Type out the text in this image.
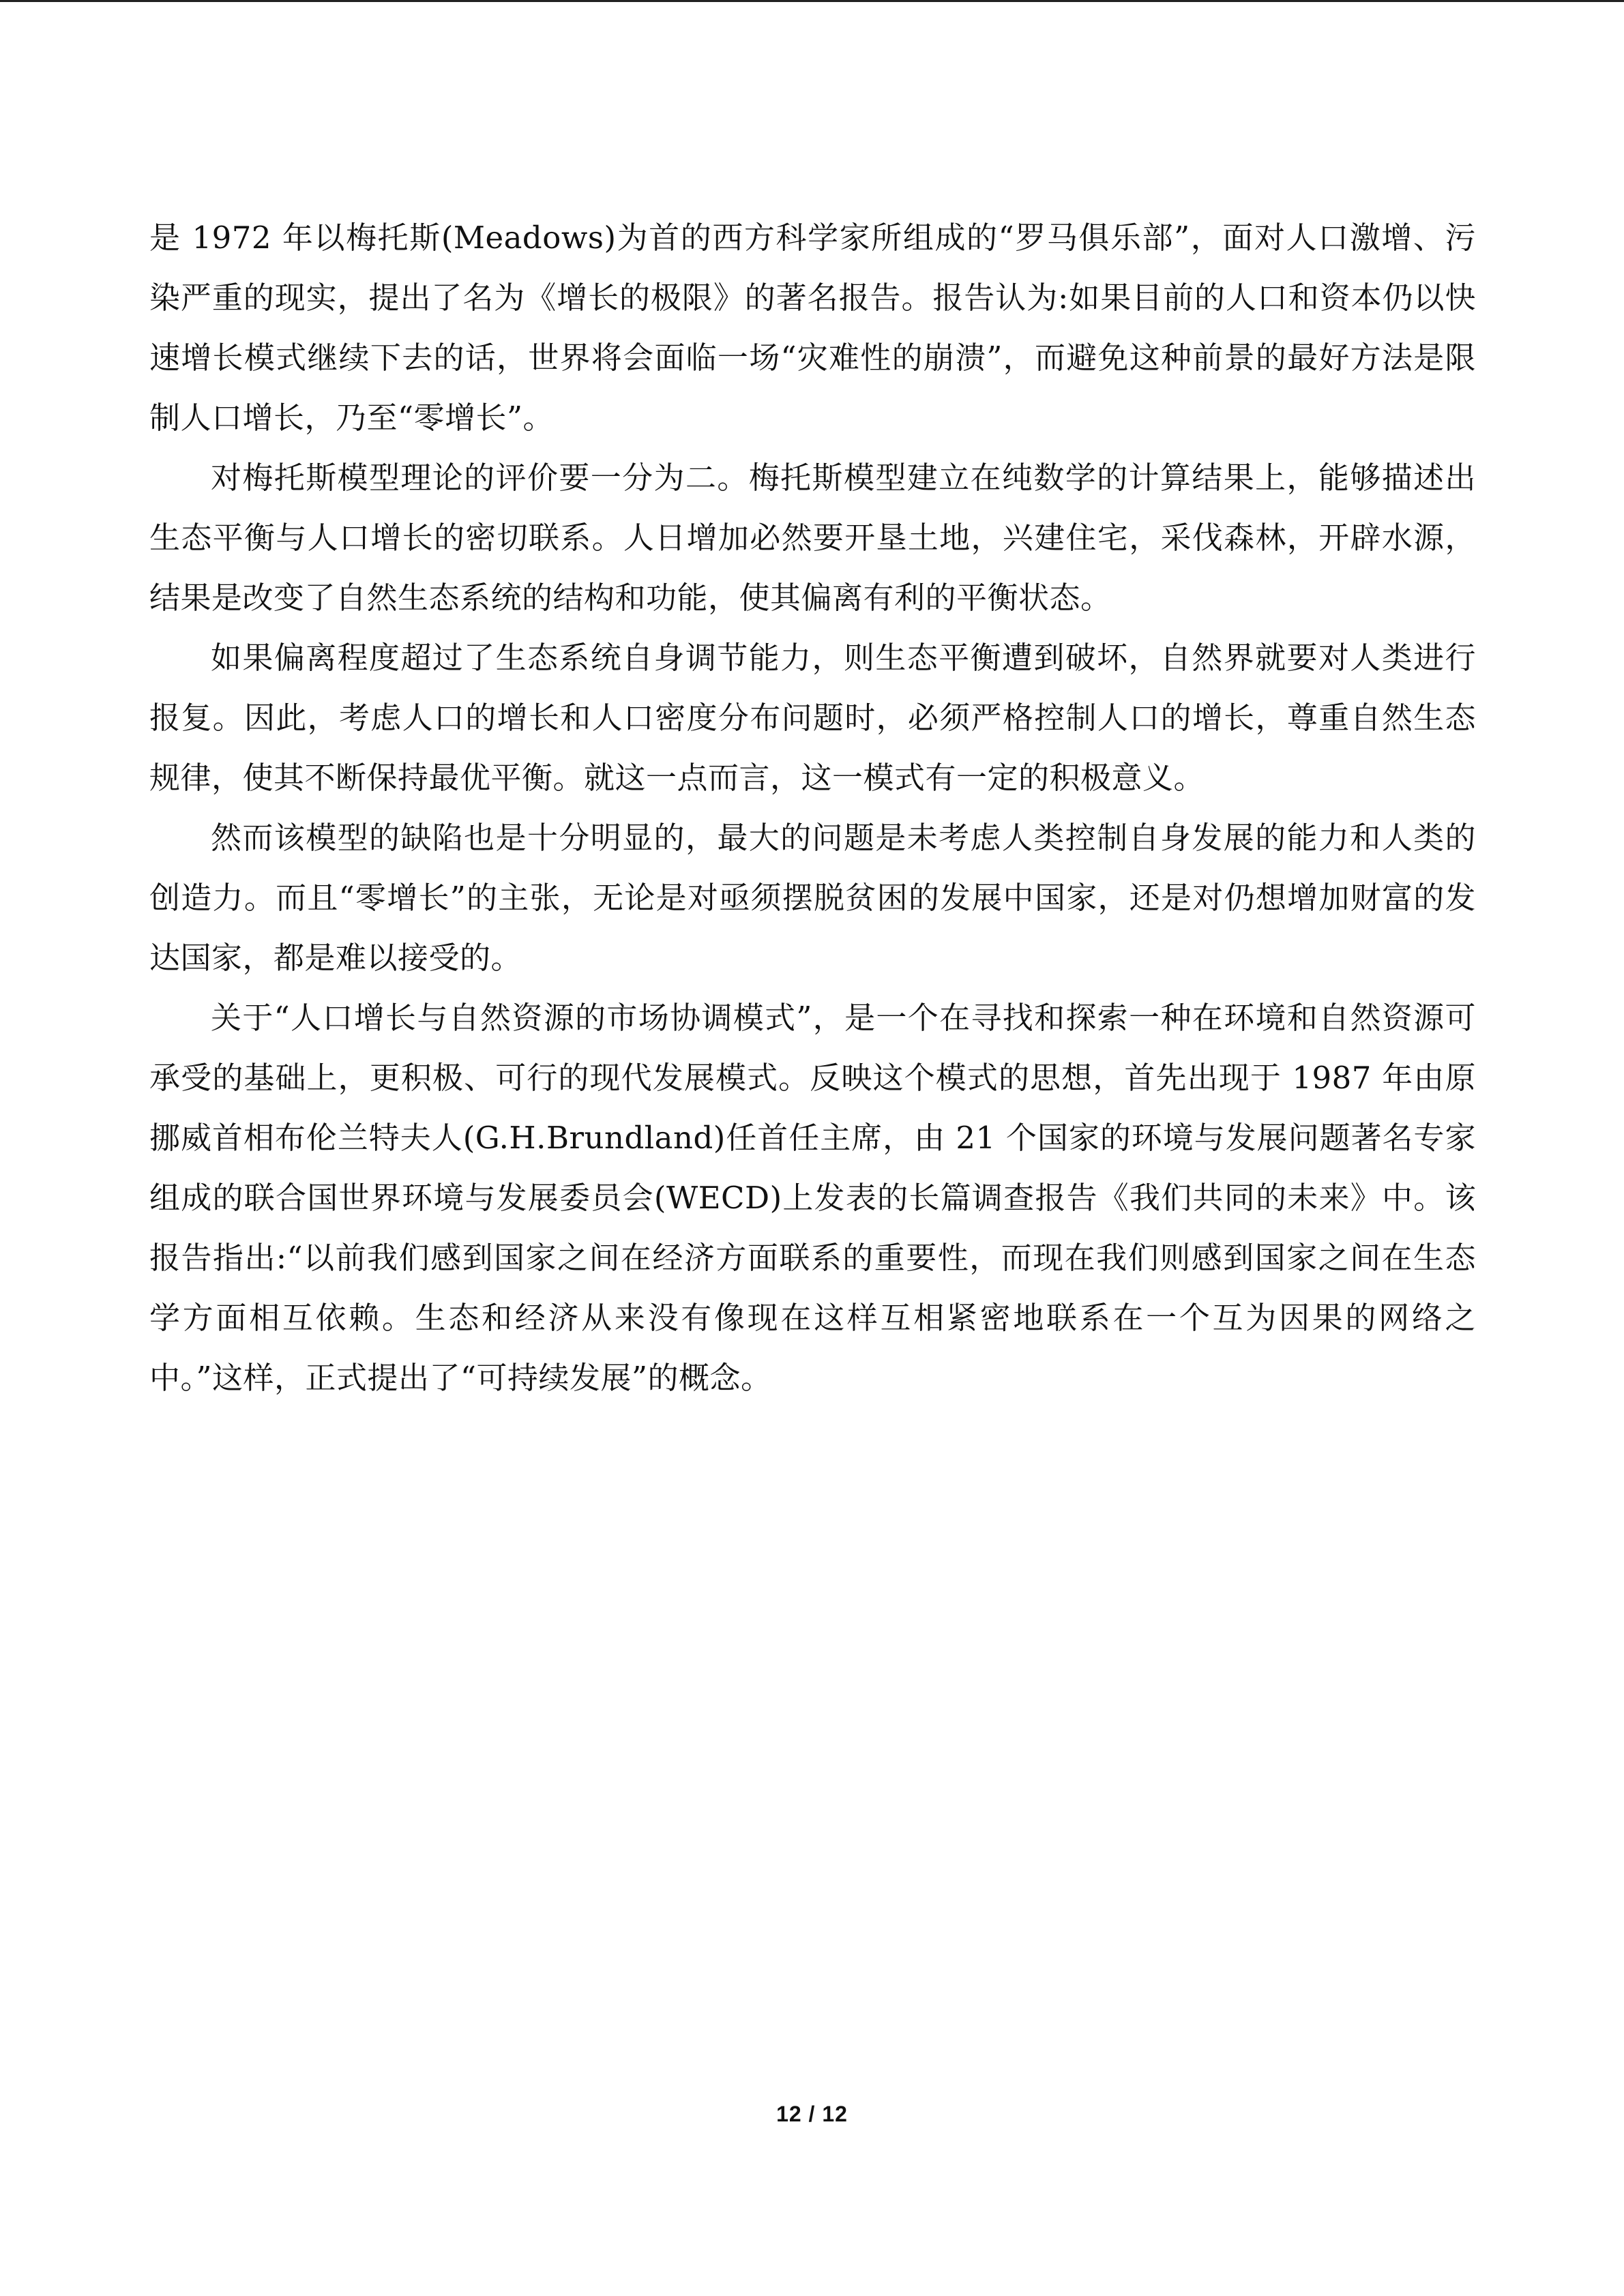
是 1972 年以梅托斯(Meadows)为首的西方科学家所组成的“罗马俱乐部”，面对人口激增、污染严重的现实，提出了名为《增长的极限》的著名报告。报告认为:如果目前的人口和资本仍以快速增长模式继续下去的话，世界将会面临一场“灾难性的崩溃”，而避免这种前景的最好方法是限制人口增长，乃至“零增长”。

对梅托斯模型理论的评价要一分为二。梅托斯模型建立在纯数学的计算结果上，能够描述出生态平衡与人口增长的密切联系。人日增加必然要开垦土地，兴建住宅，采伐森林，开辟水源，结果是改变了自然生态系统的结构和功能，使其偏离有利的平衡状态。

如果偏离程度超过了生态系统自身调节能力，则生态平衡遭到破坏，自然界就要对人类进行报复。因此，考虑人口的增长和人口密度分布问题时，必须严格控制人口的增长，尊重自然生态规律，使其不断保持最优平衡。就这一点而言，这一模式有一定的积极意义。

然而该模型的缺陷也是十分明显的，最大的问题是未考虑人类控制自身发展的能力和人类的创造力。而且“零增长”的主张，无论是对亟须摆脱贫困的发展中国家，还是对仍想增加财富的发达国家，都是难以接受的。

关于“人口增长与自然资源的市场协调模式”，是一个在寻找和探索一种在环境和自然资源可承受的基础上，更积极、可行的现代发展模式。反映这个模式的思想，首先出现于 1987 年由原挪威首相布伦兰特夫人(G.H.Brundland)任首任主席，由 21 个国家的环境与发展问题著名专家组成的联合国世界环境与发展委员会(WECD)上发表的长篇调查报告《我们共同的未来》中。该报告指出:“以前我们感到国家之间在经济方面联系的重要性，而现在我们则感到国家之间在生态学方面相互依赖。生态和经济从来没有像现在这样互相紧密地联系在一个互为因果的网络之中。”这样，正式提出了“可持续发展”的概念。

12 / 12
